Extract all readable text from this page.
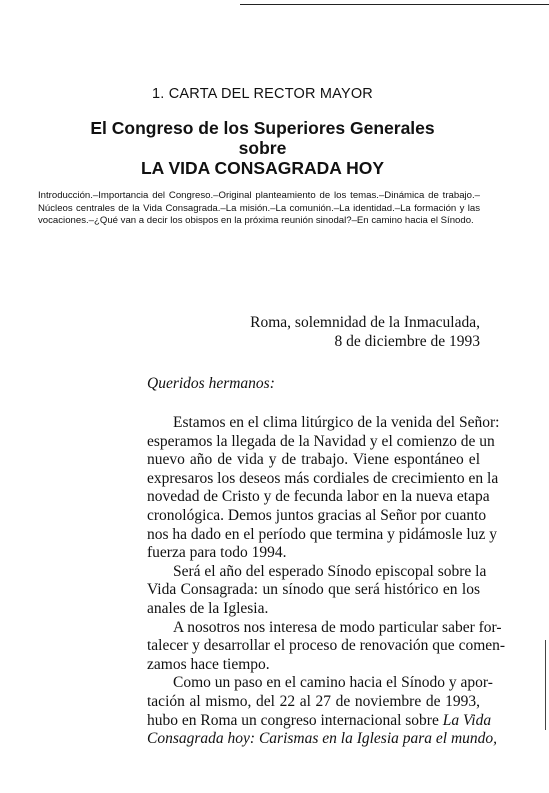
1. CARTA DEL RECTOR MAYOR
El Congreso de los Superiores Generales
sobre
LA VIDA CONSAGRADA HOY
Introducción.–Importancia del Congreso.–Original planteamiento de los temas.–Dinámica de trabajo.–Núcleos centrales de la Vida Consagrada.–La misión.–La comunión.–La identidad.–La formación y las vocaciones.–¿Qué van a decir los obispos en la próxima reunión sinodal?–En camino hacia el Sínodo.
Roma, solemnidad de la Inmaculada,
8 de diciembre de 1993
Queridos hermanos:
Estamos en el clima litúrgico de la venida del Señor:
esperamos la llegada de la Navidad y el comienzo de un
nuevo año de vida y de trabajo. Viene espontáneo el
expresaros los deseos más cordiales de crecimiento en la
novedad de Cristo y de fecunda labor en la nueva etapa
cronológica. Demos juntos gracias al Señor por cuanto
nos ha dado en el período que termina y pidámosle luz y
fuerza para todo 1994.
Será el año del esperado Sínodo episcopal sobre la
Vida Consagrada: un sínodo que será histórico en los
anales de la Iglesia.
A nosotros nos interesa de modo particular saber for-
talecer y desarrollar el proceso de renovación que comen-
zamos hace tiempo.
Como un paso en el camino hacia el Sínodo y apor-
tación al mismo, del 22 al 27 de noviembre de 1993,
hubo en Roma un congreso internacional sobre La Vida
Consagrada hoy: Carismas en la Iglesia para el mundo,
